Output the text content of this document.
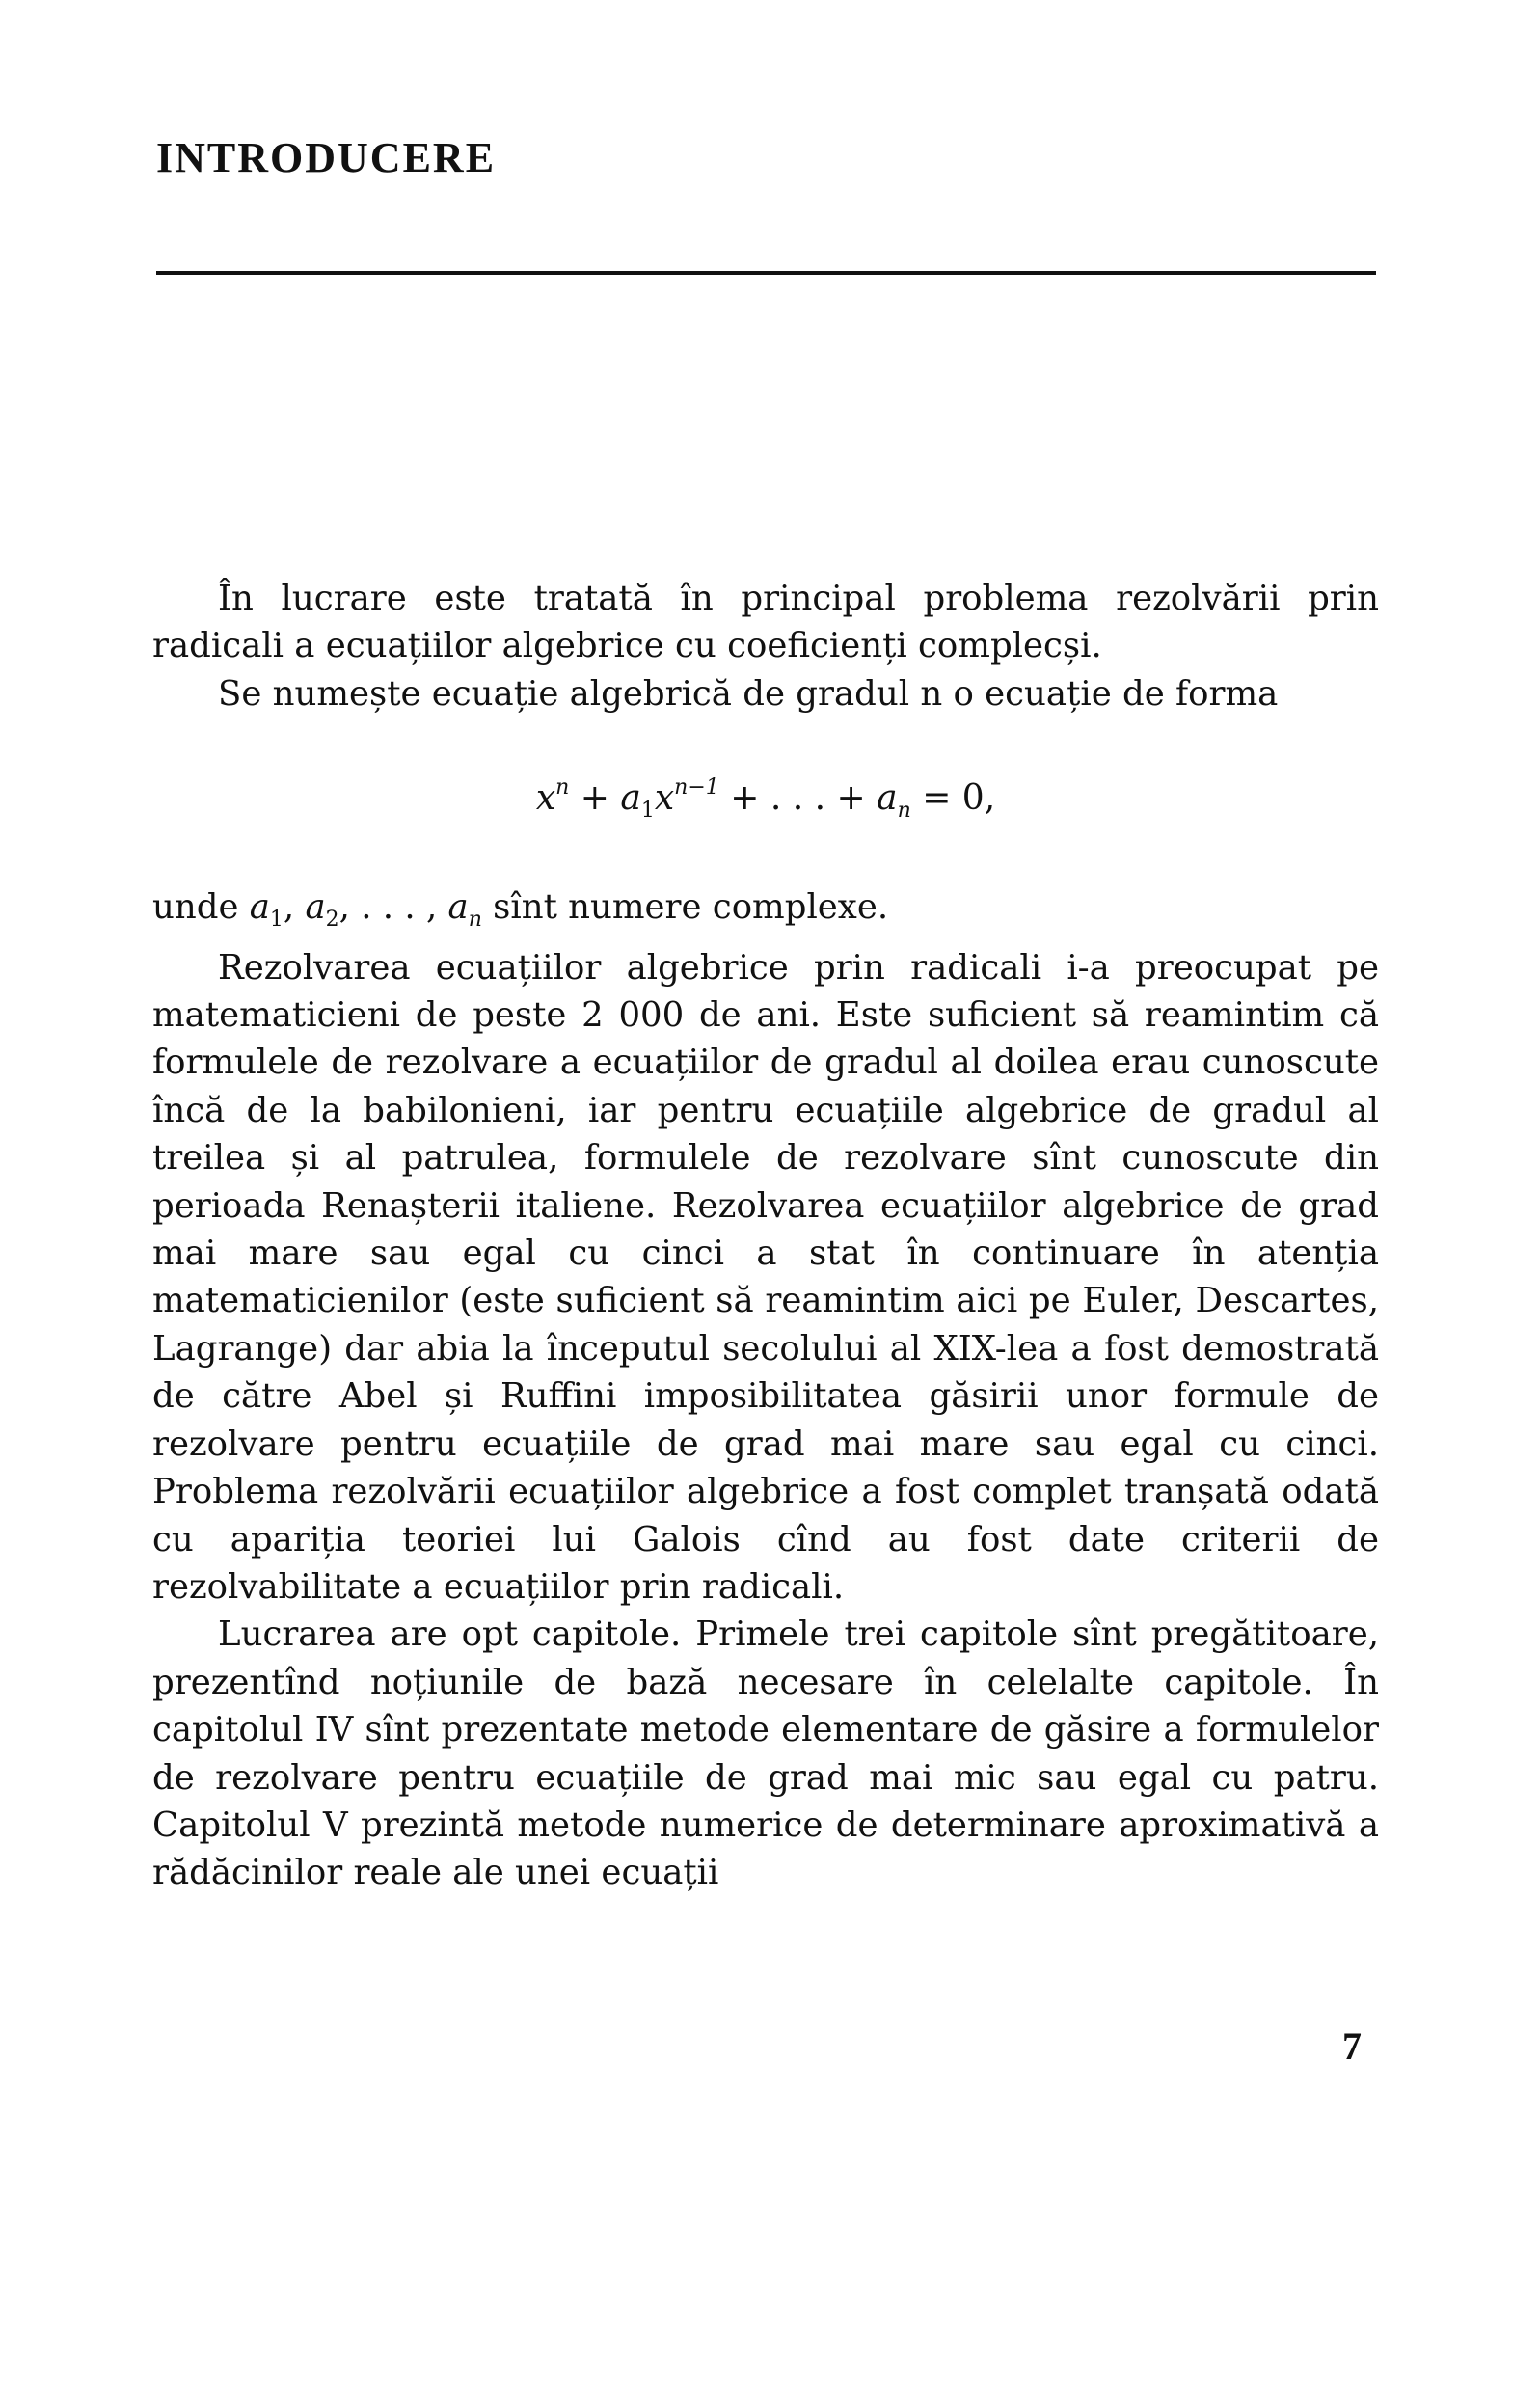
INTRODUCERE

În lucrare este tratată în principal problema rezolvării prin radicali a ecuațiilor algebrice cu coeficienți complecși.

Se numește ecuație algebrică de gradul n o ecuație de forma

$x^n + a_1x^{n-1}$ + . . . + $a_n = 0$,

unde $a_1$, $a_2$, . . . , $a_n$ sînt numere complexe.

Rezolvarea ecuațiilor algebrice prin radicali i-a preocupat pe matematicieni de peste 2 000 de ani. Este suficient să reamintim că formulele de rezolvare a ecuațiilor de gradul al doilea erau cunoscute încă de la babilonieni, iar pentru ecuațiile algebrice de gradul al treilea și al patrulea, formulele de rezolvare sînt cunoscute din perioada Renașterii italiene. Rezolvarea ecuațiilor algebrice de grad mai mare sau egal cu cinci a stat în continuare în atenția matematicienilor (este suficient să reamintim aici pe Euler, Descartes, Lagrange) dar abia la începutul secolului al XIX-lea a fost demostrată de către Abel și Ruffini imposibilitatea găsirii unor formule de rezolvare pentru ecuațiile de grad mai mare sau egal cu cinci. Problema rezolvării ecuațiilor algebrice a fost complet tranșată odată cu apariția teoriei lui Galois cînd au fost date criterii de rezolvabilitate a ecuațiilor prin radicali.

Lucrarea are opt capitole. Primele trei capitole sînt pregătitoare, prezentînd noțiunile de bază necesare în celelalte capitole. În capitolul IV sînt prezentate metode elementare de găsire a formulelor de rezolvare pentru ecuațiile de grad mai mic sau egal cu patru. Capitolul V prezintă metode numerice de determinare aproximativă a rădăcinilor reale ale unei ecuații

7
